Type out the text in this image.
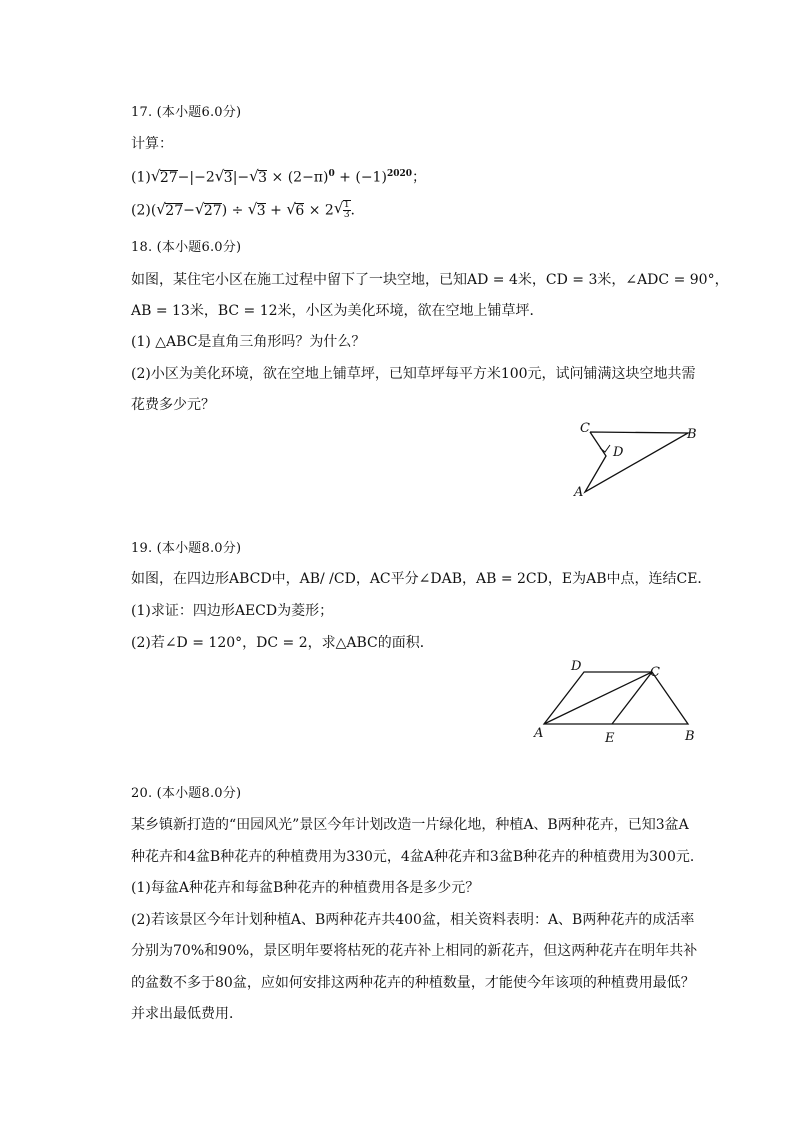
17. (本小题6.0分)
计算：
(1) √ 27−|−2 √ 3|− √ $3 \times (2-\pi)^0 + (-1)^{2020}$；
(2)( √ 27− √ 27) ÷ √ 3 + √ 6 × 2 √ $\frac{1}{3}$ .
18. (本小题6.0分)
如图，某住宅小区在施工过程中留下了一块空地，已知AD = 4米，CD = 3米，∠ADC = 90°，
AB = 13米，BC = 12米，小区为美化环境，欲在空地上铺草坪．
(1) △ABC是直角三角形吗？为什么？
(2)小区为美化环境，欲在空地上铺草坪，已知草坪每平方米100元，试问铺满这块空地共需
花费多少元？
C	B
D
A
19. (本小题8.0分)
如图，在四边形ABCD中，AB/ /CD，AC平分∠DAB，AB = 2CD，E为AB中点，连结CE．
(1)求证：四边形AECD为菱形；
(2)若∠D = 120°，DC = 2，求△ABC的面积．
D	C
A	E	B
20. (本小题8.0分)
某乡镇新打造的“田园风光”景区今年计划改造一片绿化地，种植A、B两种花卉，已知3盆A
种花卉和4盆B种花卉的种植费用为330元，4盆A种花卉和3盆B种花卉的种植费用为300元．
(1)每盆A种花卉和每盆B种花卉的种植费用各是多少元？
(2)若该景区今年计划种植A、B两种花卉共400盆，相关资料表明：A、B两种花卉的成活率
分别为70%和90%，景区明年要将枯死的花卉补上相同的新花卉，但这两种花卉在明年共补
的盆数不多于80盆，应如何安排这两种花卉的种植数量，才能使今年该项的种植费用最低？
并求出最低费用．
